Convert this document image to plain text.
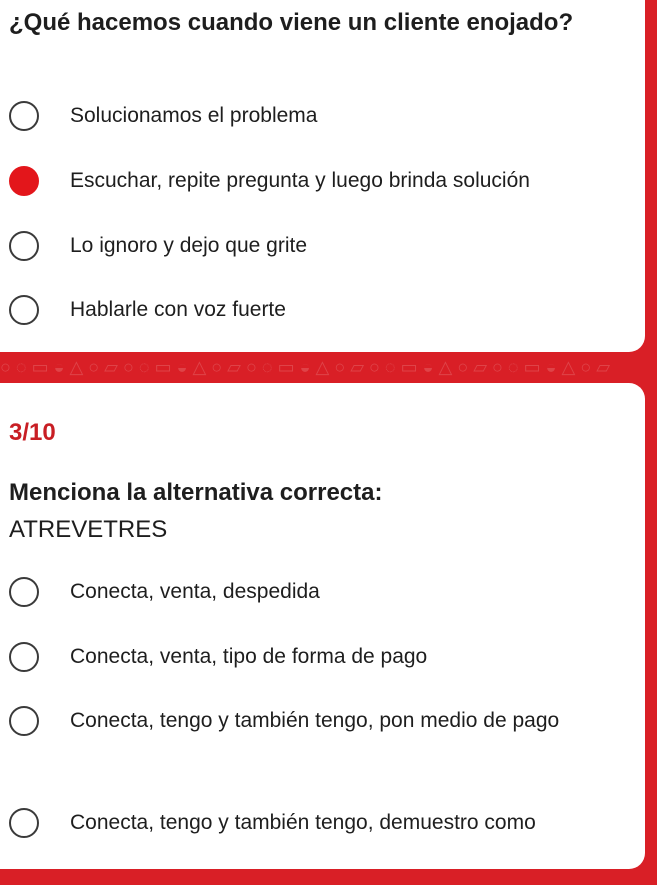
○ ◌ ▭ ◒ △ ○ ▱ ○ ◌ ▭ ◒ △ ○ ▱ ○ ◌ ▭ ◒ △ ○ ▱ ○ ◌ ▭ ◒ △ ○ ▱ ○ ◌ ▭ ◒ △ ○ ▱
¿Qué hacemos cuando viene un cliente enojado?
Solucionamos el problema
Escuchar, repite pregunta y luego brinda solución
Lo ignoro y dejo que grite
Hablarle con voz fuerte
3/10
Menciona la alternativa correcta:
ATREVETRES
Conecta, venta, despedida
Conecta, venta, tipo de forma de pago
Conecta, tengo y también tengo, pon medio de pago
Conecta, tengo y también tengo, demuestro como
